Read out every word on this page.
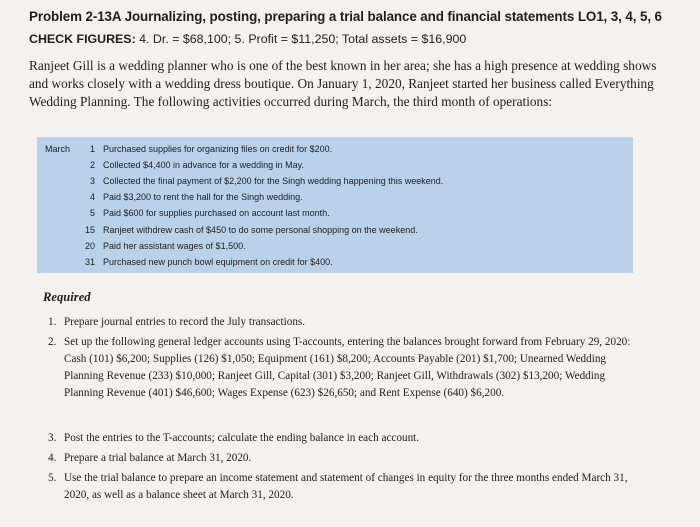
Problem 2-13A Journalizing, posting, preparing a trial balance and financial statements LO1, 3, 4, 5, 6
CHECK FIGURES: 4. Dr. = $68,100; 5. Profit = $11,250; Total assets = $16,900
Ranjeet Gill is a wedding planner who is one of the best known in her area; she has a high presence at wedding shows and works closely with a wedding dress boutique. On January 1, 2020, Ranjeet started her business called Everything Wedding Planning. The following activities occurred during March, the third month of operations:
March	1 Purchased supplies for organizing files on credit for $200.
2 Collected $4,400 in advance for a wedding in May.
3 Collected the final payment of $2,200 for the Singh wedding happening this weekend.
4 Paid $3,200 to rent the hall for the Singh wedding.
5 Paid $600 for supplies purchased on account last month.
15 Ranjeet withdrew cash of $450 to do some personal shopping on the weekend.
20 Paid her assistant wages of $1,500.
31 Purchased new punch bowl equipment on credit for $400.
Required
1. Prepare journal entries to record the July transactions.
2. Set up the following general ledger accounts using T-accounts, entering the balances brought forward from February 29, 2020: Cash (101) $6,200; Supplies (126) $1,050; Equipment (161) $8,200; Accounts Payable (201) $1,700; Unearned Wedding Planning Revenue (233) $10,000; Ranjeet Gill, Capital (301) $3,200; Ranjeet Gill, Withdrawals (302) $13,200; Wedding Planning Revenue (401) $46,600; Wages Expense (623) $26,650; and Rent Expense (640) $6,200.
3. Post the entries to the T-accounts; calculate the ending balance in each account.
4. Prepare a trial balance at March 31, 2020.
5. Use the trial balance to prepare an income statement and statement of changes in equity for the three months ended March 31, 2020, as well as a balance sheet at March 31, 2020.
